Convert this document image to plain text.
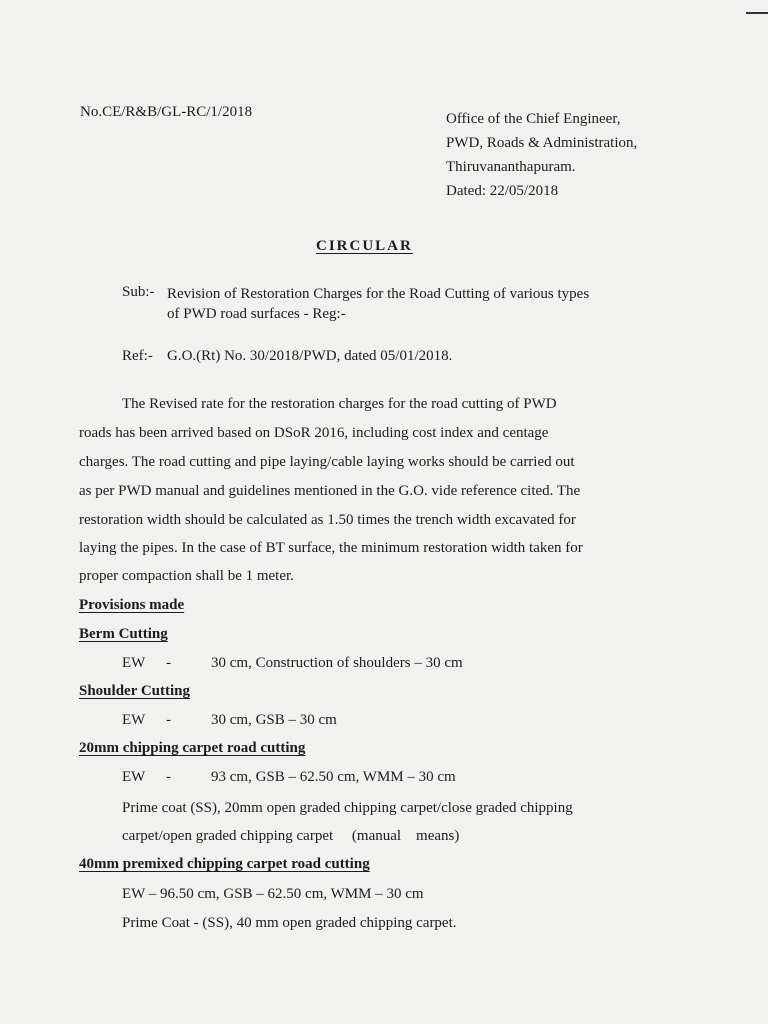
No.CE/R&B/GL-RC/1/2018	Office of the Chief Engineer,
PWD, Roads & Administration,
Thiruvananthapuram.
Dated: 22/05/2018
CIRCULAR
Sub:- Revision of Restoration Charges for the Road Cutting of various types
of PWD road surfaces - Reg:-
Ref:- G.O.(Rt) No. 30/2018/PWD, dated 05/01/2018.
The Revised rate for the restoration charges for the road cutting of PWD
roads has been arrived based on DSoR 2016, including cost index and centage
charges. The road cutting and pipe laying/cable laying works should be carried out
as per PWD manual and guidelines mentioned in the G.O. vide reference cited. The
restoration width should be calculated as 1.50 times the trench width excavated for
laying the pipes. In the case of BT surface, the minimum restoration width taken for
proper compaction shall be 1 meter.
Provisions made
Berm Cutting
EW -	30 cm, Construction of shoulders – 30 cm
Shoulder Cutting
EW -	30 cm, GSB – 30 cm
20mm chipping carpet road cutting
EW -	93 cm, GSB – 62.50 cm, WMM – 30 cm
Prime coat (SS), 20mm open graded chipping carpet/close graded chipping
carpet/open graded chipping carpet     (manual    means)
40mm premixed chipping carpet road cutting
EW – 96.50 cm, GSB – 62.50 cm, WMM – 30 cm
Prime Coat - (SS), 40 mm open graded chipping carpet.
